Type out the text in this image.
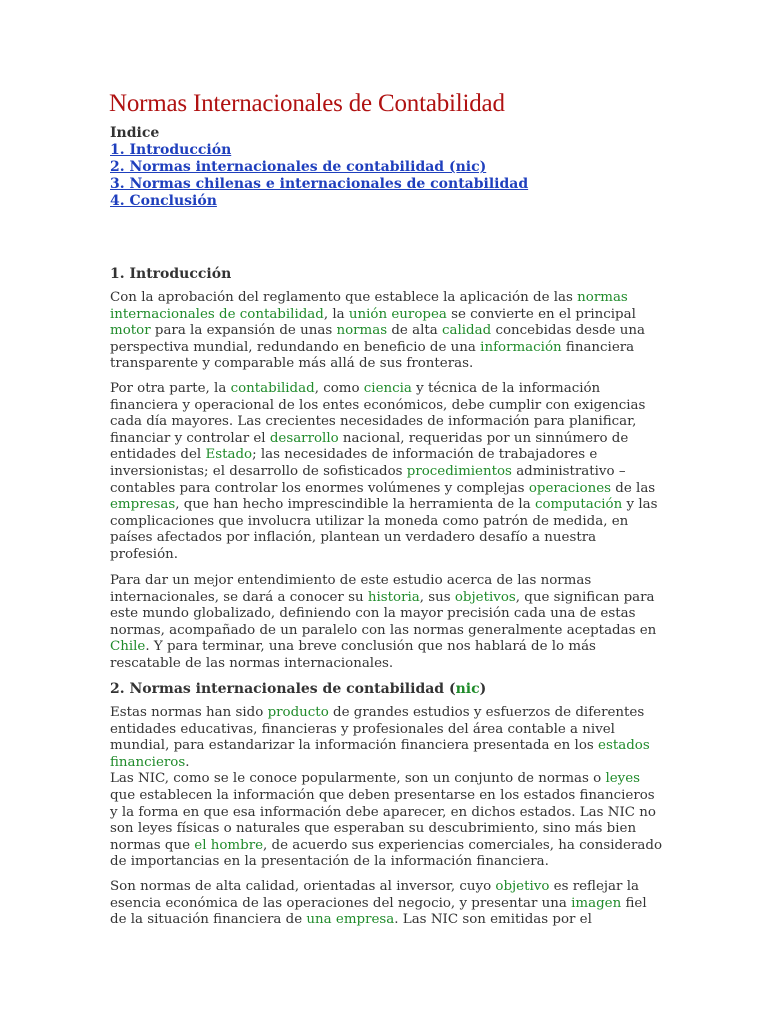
Normas Internacionales de Contabilidad
Indice
1. Introducción
2. Normas internacionales de contabilidad (nic)
3. Normas chilenas e internacionales de contabilidad
4. Conclusión
1. Introducción
Con la aprobación del reglamento que establece la aplicación de las normas
internacionales de contabilidad, la unión europea se convierte en el principal
motor para la expansión de unas normas de alta calidad concebidas desde una
perspectiva mundial, redundando en beneficio de una información financiera
transparente y comparable más allá de sus fronteras.
Por otra parte, la contabilidad, como ciencia y técnica de la información
financiera y operacional de los entes económicos, debe cumplir con exigencias
cada día mayores. Las crecientes necesidades de información para planificar,
financiar y controlar el desarrollo nacional, requeridas por un sinnúmero de
entidades del Estado; las necesidades de información de trabajadores e
inversionistas; el desarrollo de sofisticados procedimientos administrativo –
contables para controlar los enormes volúmenes y complejas operaciones de las
empresas, que han hecho imprescindible la herramienta de la computación y las
complicaciones que involucra utilizar la moneda como patrón de medida, en
países afectados por inflación, plantean un verdadero desafío a nuestra
profesión.
Para dar un mejor entendimiento de este estudio acerca de las normas
internacionales, se dará a conocer su historia, sus objetivos, que significan para
este mundo globalizado, definiendo con la mayor precisión cada una de estas
normas, acompañado de un paralelo con las normas generalmente aceptadas en
Chile. Y para terminar, una breve conclusión que nos hablará de lo más
rescatable de las normas internacionales.
2. Normas internacionales de contabilidad (nic)
Estas normas han sido producto de grandes estudios y esfuerzos de diferentes
entidades educativas, financieras y profesionales del área contable a nivel
mundial, para estandarizar la información financiera presentada en los estados
financieros.
Las NIC, como se le conoce popularmente, son un conjunto de normas o leyes
que establecen la información que deben presentarse en los estados financieros
y la forma en que esa información debe aparecer, en dichos estados. Las NIC no
son leyes físicas o naturales que esperaban su descubrimiento, sino más bien
normas que el hombre, de acuerdo sus experiencias comerciales, ha considerado
de importancias en la presentación de la información financiera.
Son normas de alta calidad, orientadas al inversor, cuyo objetivo es reflejar la
esencia económica de las operaciones del negocio, y presentar una imagen fiel
de la situación financiera de una empresa. Las NIC son emitidas por el
